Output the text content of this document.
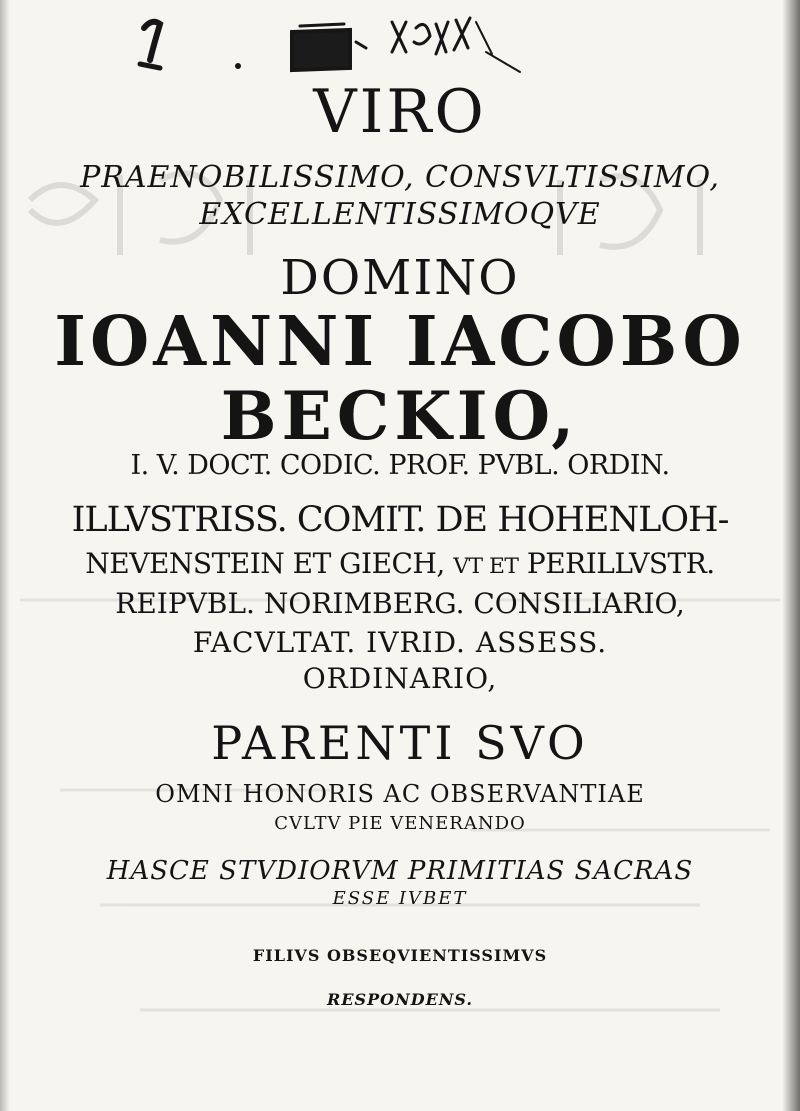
VIRO
PRAENOBILISSIMO, CONSVLTISSIMO,
EXCELLENTISSIMOQVE
DOMINO
IOANNI IACOBO
BECKIO,
I. V. DOCT. CODIC. PROF. PVBL. ORDIN.
ILLVSTRISS. COMIT. DE HOHENLOH-
NEVENSTEIN ET GIECH, VT ET PERILLVSTR.
REIPVBL. NORIMBERG. CONSILIARIO,
FACVLTAT. IVRID. ASSESS.
ORDINARIO,
PARENTI SVO
OMNI HONORIS AC OBSERVANTIAE
CVLTV PIE VENERANDO
HASCE STVDIORVM PRIMITIAS SACRAS
ESSE IVBET
FILIVS OBSEQVIENTISSIMVS
RESPONDENS.
